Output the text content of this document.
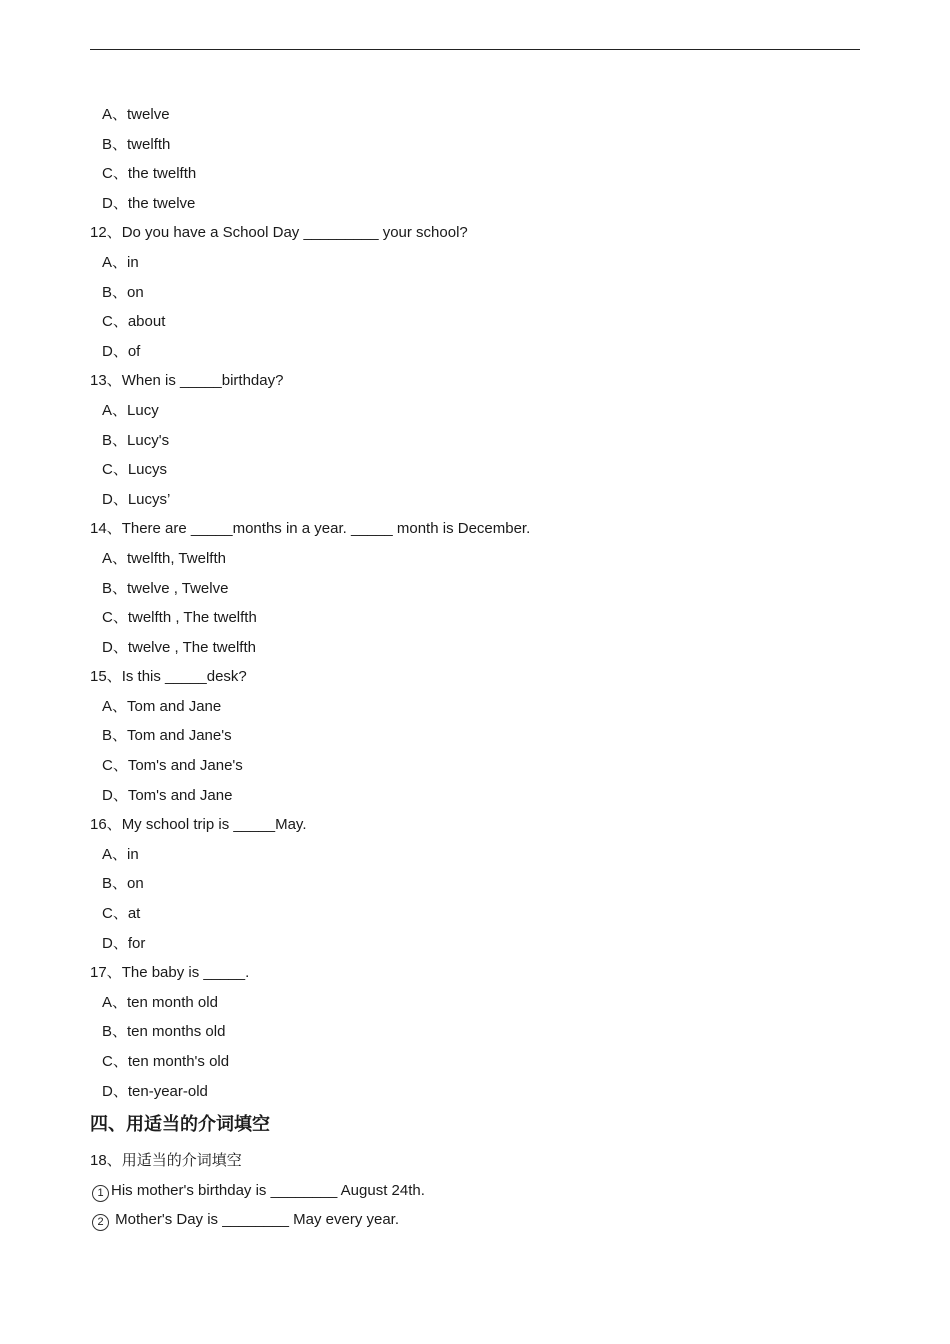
A、twelve
B、twelfth
C、the twelfth
D、the twelve
12、Do you have a School Day _________ your school?
A、in
B、on
C、about
D、of
13、When is _____birthday?
A、Lucy
B、Lucy's
C、Lucys
D、Lucys’
14、There are _____months in a year. _____ month is December.
A、twelfth, Twelfth
B、twelve , Twelve
C、twelfth , The twelfth
D、twelve , The twelfth
15、Is this _____desk?
A、Tom and Jane
B、Tom and Jane's
C、Tom's and Jane's
D、Tom's and Jane
16、My school trip is _____May.
A、in
B、on
C、at
D、for
17、The baby is _____.
A、ten month old
B、ten months old
C、ten month's old
D、ten-year-old
四、用适当的介词填空
18、用适当的介词填空
1 His mother's birthday is ________ August 24th.
2 Mother's Day is ________ May every year.
